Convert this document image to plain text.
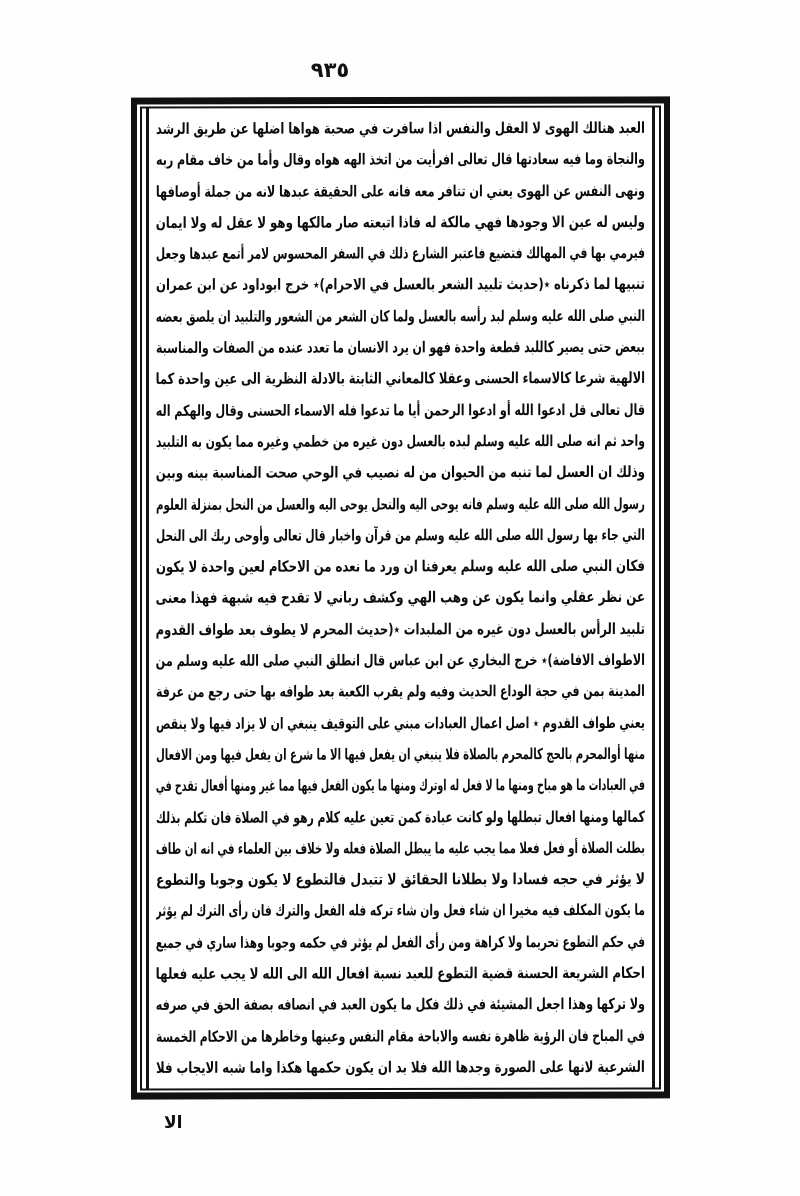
٩٣٥
العبد هنالك الهوى لا العقل والنفس اذا سافرت في صحبة هواها اضلها عن طريق الرشد
والنجاة وما فيه سعادتها قال تعالى افرأيت من اتخذ الهه هواه وقال وأما من خاف مقام ربه
ونهى النفس عن الهوى يعني ان تنافر معه فانه على الحقيقة عبدها لانه من جملة أوصافها
وليس له عين الا وجودها فهي مالكة له فاذا اتبعته صار مالكها وهو لا عقل له ولا ايمان
فيرمي بها في المهالك فتضيع فاعتبر الشارع ذلك في السفر المحسوس لامر أتمع عبدها وجعل
تنبيها لما ذكرناه ٭(حديث تلبيد الشعر بالعسل في الاحرام)٭ خرج ابوداود عن ابن عمران
النبي صلى الله عليه وسلم لبد رأسه بالعسل ولما كان الشعر من الشعور والتلبيد ان يلصق بعضه
ببعض حتى يصير كاللبد قطعة واحدة فهو ان يرد الانسان ما تعدد عنده من الصفات والمناسبة
الالهية شرعا كالاسماء الحسنى وعقلا كالمعاني الثابتة بالادلة النظرية الى عين واحدة كما
قال تعالى قل ادعوا الله أو ادعوا الرحمن أيا ما تدعوا فله الاسماء الحسنى وقال والهكم اله
واحد ثم انه صلى الله عليه وسلم لبده بالعسل دون غيره من خطمي وغيره مما يكون به التلبيد
وذلك ان العسل لما تنبه من الحيوان من له نصيب في الوحي صحت المناسبة بينه وبين
رسول الله صلى الله عليه وسلم فانه يوحى اليه والنحل يوحى اليه والعسل من النحل بمنزلة العلوم
التي جاء بها رسول الله صلى الله عليه وسلم من قرآن واخبار قال تعالى وأوحى ربك الى النحل
فكان النبي صلى الله عليه وسلم يعرفنا ان ورد ما نعده من الاحكام لعين واحدة لا يكون
عن نظر عقلي وانما يكون عن وهب الهي وكشف رباني لا تقدح فيه شبهة فهذا معنى
تلبيد الرأس بالعسل دون غيره من الملبدات ٭(حديث المحرم لا يطوف بعد طواف القدوم
الاطواف الافاضة)٭ خرج البخاري عن ابن عباس قال انطلق النبي صلى الله عليه وسلم من
المدينة بمن في حجة الوداع الحديث وفيه ولم يقرب الكعبة بعد طوافه بها حتى رجع من عرفة
يعني طواف القدوم ٭ اصل اعمال العبادات مبني على التوقيف ينبغي ان لا يزاد فيها ولا ينقص
منها أوالمحرم بالحج كالمحرم بالصلاة فلا ينبغي ان يفعل فيها الا ما شرع ان يفعل فيها ومن الافعال
في العبادات ما هو مباح ومنها ما لا فعل له اوترك ومنها ما يكون الفعل فيها مما غير ومنها أفعال تقدح في
كمالها ومنها افعال تبطلها ولو كانت عبادة كمن تعين عليه كلام رهو في الصلاة فان تكلم بذلك
بطلت الصلاة أو فعل فعلا مما يجب عليه ما يبطل الصلاة فعله ولا خلاف بين العلماء في انه ان طاف
لا يؤثر في حجه فسادا ولا بطلانا الحقائق لا تتبدل فالتطوع لا يكون وجوبا والتطوع
ما يكون المكلف فيه مخيرا ان شاء فعل وان شاء تركه فله الفعل والترك فان رأى الترك لم يؤثر
في حكم التطوع تحريما ولا كراهة ومن رأى الفعل لم يؤثر في حكمه وجوبا وهذا ساري في جميع
احكام الشريعة الحسنة قضية التطوع للعبد نسبة افعال الله الى الله لا يجب عليه فعلها
ولا تركها وهذا اجعل المشيئة في ذلك فكل ما يكون العبد في انصافه بصفة الحق في صرفه
في المباح فان الرؤية ظاهرة نفسه والاباحة مقام النفس وعينها وخاطرها من الاحكام الخمسة
الشرعية لانها على الصورة وجدها الله فلا بد ان يكون حكمها هكذا واما شبه الايجاب فلا

الا
